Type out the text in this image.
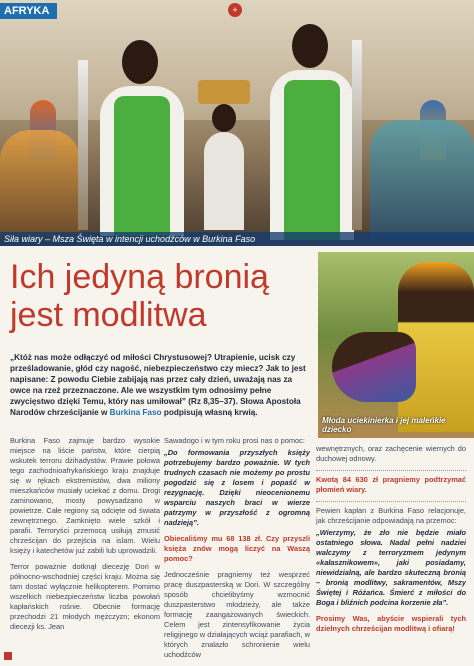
AFRYKA	+
Siła wiary – Msza Święta w intencji uchodźców w Burkina Faso
Ich jedyną bronią
jest modlitwa
„Któż nas może odłączyć od miłości Chrystusowej? Utrapienie, ucisk czy prześladowanie, głód czy nagość, niebezpieczeństwo czy miecz? Jak to jest napisane: Z powodu Ciebie zabijają nas przez cały dzień, uważają nas za owce na rzeź przeznaczone. Ale we wszystkim tym odnosimy pełne zwycięstwo dzięki Temu, który nas umiłował” (Rz 8,35–37). Słowa Apostoła Narodów chrześcijanie w Burkina Faso podpisują własną krwią.
Młoda uciekinierka i jej maleńkie dziecko

Burkina Faso zajmuje bardzo wysokie miejsce na liście państw, które cierpią wskutek terroru dżihadystów. Prawie połowa tego zachodnioafrykańskiego kraju znajduje się w rękach ekstremistów, dwa miliony mieszkańców musiały uciekać z domu. Drogi zaminowano, mosty powysadzano w powietrze. Całe regiony są odcięte od świata zewnętrznego. Zamknięto wiele szkół i parafii. Terroryści przemocą usiłują zmusić chrześcijan do przejścia na islam. Wielu księży i katechetów już zabili lub uprowadzili.

Terror poważnie dotknął diecezję Dori w północno-wschodniej części kraju. Można się tam dostać wyłącznie helikopterem. Pomimo wszelkich niebezpieczeństw liczba powołań kapłańskich rośnie. Obecnie formację przechodzi 21 młodych mężczyzn; ekonom diecezji ks. Jean

Sawadogo i w tym roku prosi nas o pomoc:

„Do formowania przyszłych księży potrzebujemy bardzo poważnie. W tych trudnych czasach nie możemy po prostu pogodzić się z losem i popaść w rezygnację. Dzięki nieocenionemu wsparciu naszych braci w wierze patrzymy w przyszłość z ogromną nadzieją”.

Obiecaliśmy mu 68 138 zł. Czy przyszli księża znów mogą liczyć na Waszą pomoc?

Jednocześnie pragniemy też wesprzeć pracę duszpasterską w Dori. W szczególny sposób chcielibyśmy wzmocnić duszpasterstwo młodzieży, ale także formację zaangażowanych świeckich. Celem jest zintensyfikowanie życia religijnego w działających wciąż parafiach, w których znalazło schronienie wielu uchodźców

wewnętrznych, oraz zachęcenie wiernych do duchowej odnowy.

Kwotą 84 630 zł pragniemy podtrzymać płomień wiary.

Pewien kapłan z Burkina Faso relacjonuje, jak chrześcijanie odpowiadają na przemoc:

„Wierzymy, że zło nie będzie miało ostatniego słowa. Nadal pełni nadziei walczymy z terroryzmem jedynym «kałasznikowem», jaki posiadamy, niewidzialną, ale bardzo skuteczną bronią – bronią modlitwy, sakramentów, Mszy Świętej i Różańca. Śmierć z miłości do Boga i bliźnich podcina korzenie zła”.

Prosimy Was, abyście wspierali tych dzielnych chrześcijan modlitwą i ofiarą!
